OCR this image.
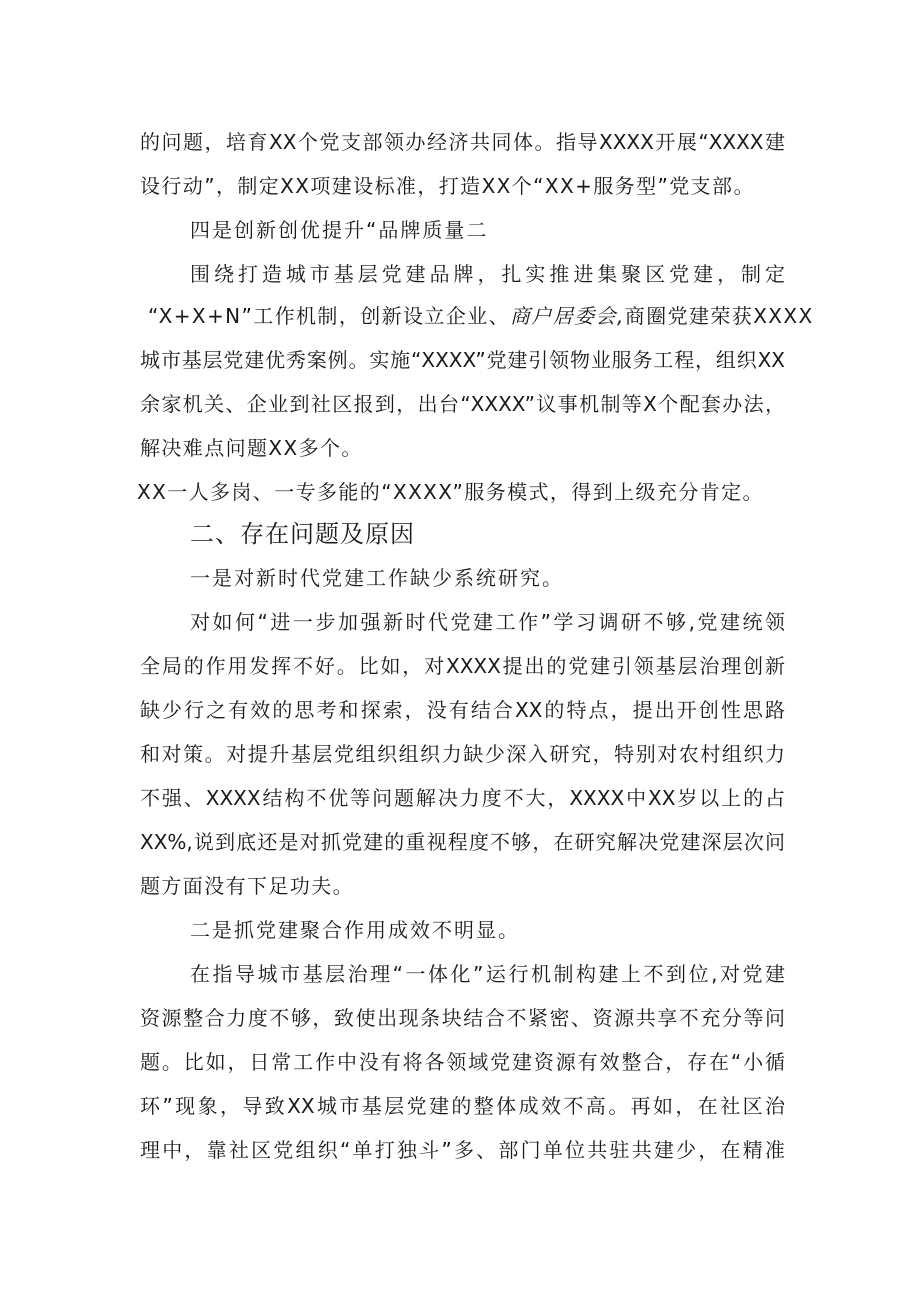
的问题，培育XX个党支部领办经济共同体。指导XXXX开展“XXXX建
设行动”，制定XX项建设标准，打造XX个“XX+服务型”党支部。
四是创新创优提升“品牌质量二
围绕打造城市基层党建品牌，扎实推进集聚区党建，制定
“X+X+N”工作机制，创新设立企业、商户居委会,商圈党建荣获XXXX
城市基层党建优秀案例。实施“XXXX”党建引领物业服务工程，组织XX
余家机关、企业到社区报到，出台“XXXX”议事机制等X个配套办法，
解决难点问题XX多个。
XX一人多岗、一专多能的“XXXX”服务模式，得到上级充分肯定。
二、存在问题及原因
一是对新时代党建工作缺少系统研究。
对如何“进一步加强新时代党建工作”学习调研不够,党建统领
全局的作用发挥不好。比如，对XXXX提出的党建引领基层治理创新
缺少行之有效的思考和探索，没有结合XX的特点，提出开创性思路
和对策。对提升基层党组织组织力缺少深入研究，特别对农村组织力
不强、XXXX结构不优等问题解决力度不大，XXXX中XX岁以上的占
XX%,说到底还是对抓党建的重视程度不够，在研究解决党建深层次问
题方面没有下足功夫。
二是抓党建聚合作用成效不明显。
在指导城市基层治理“一体化”运行机制构建上不到位,对党建
资源整合力度不够，致使出现条块结合不紧密、资源共享不充分等问
题。比如，日常工作中没有将各领域党建资源有效整合，存在“小循
环”现象，导致XX城市基层党建的整体成效不高。再如，在社区治
理中，靠社区党组织“单打独斗”多、部门单位共驻共建少，在精准
